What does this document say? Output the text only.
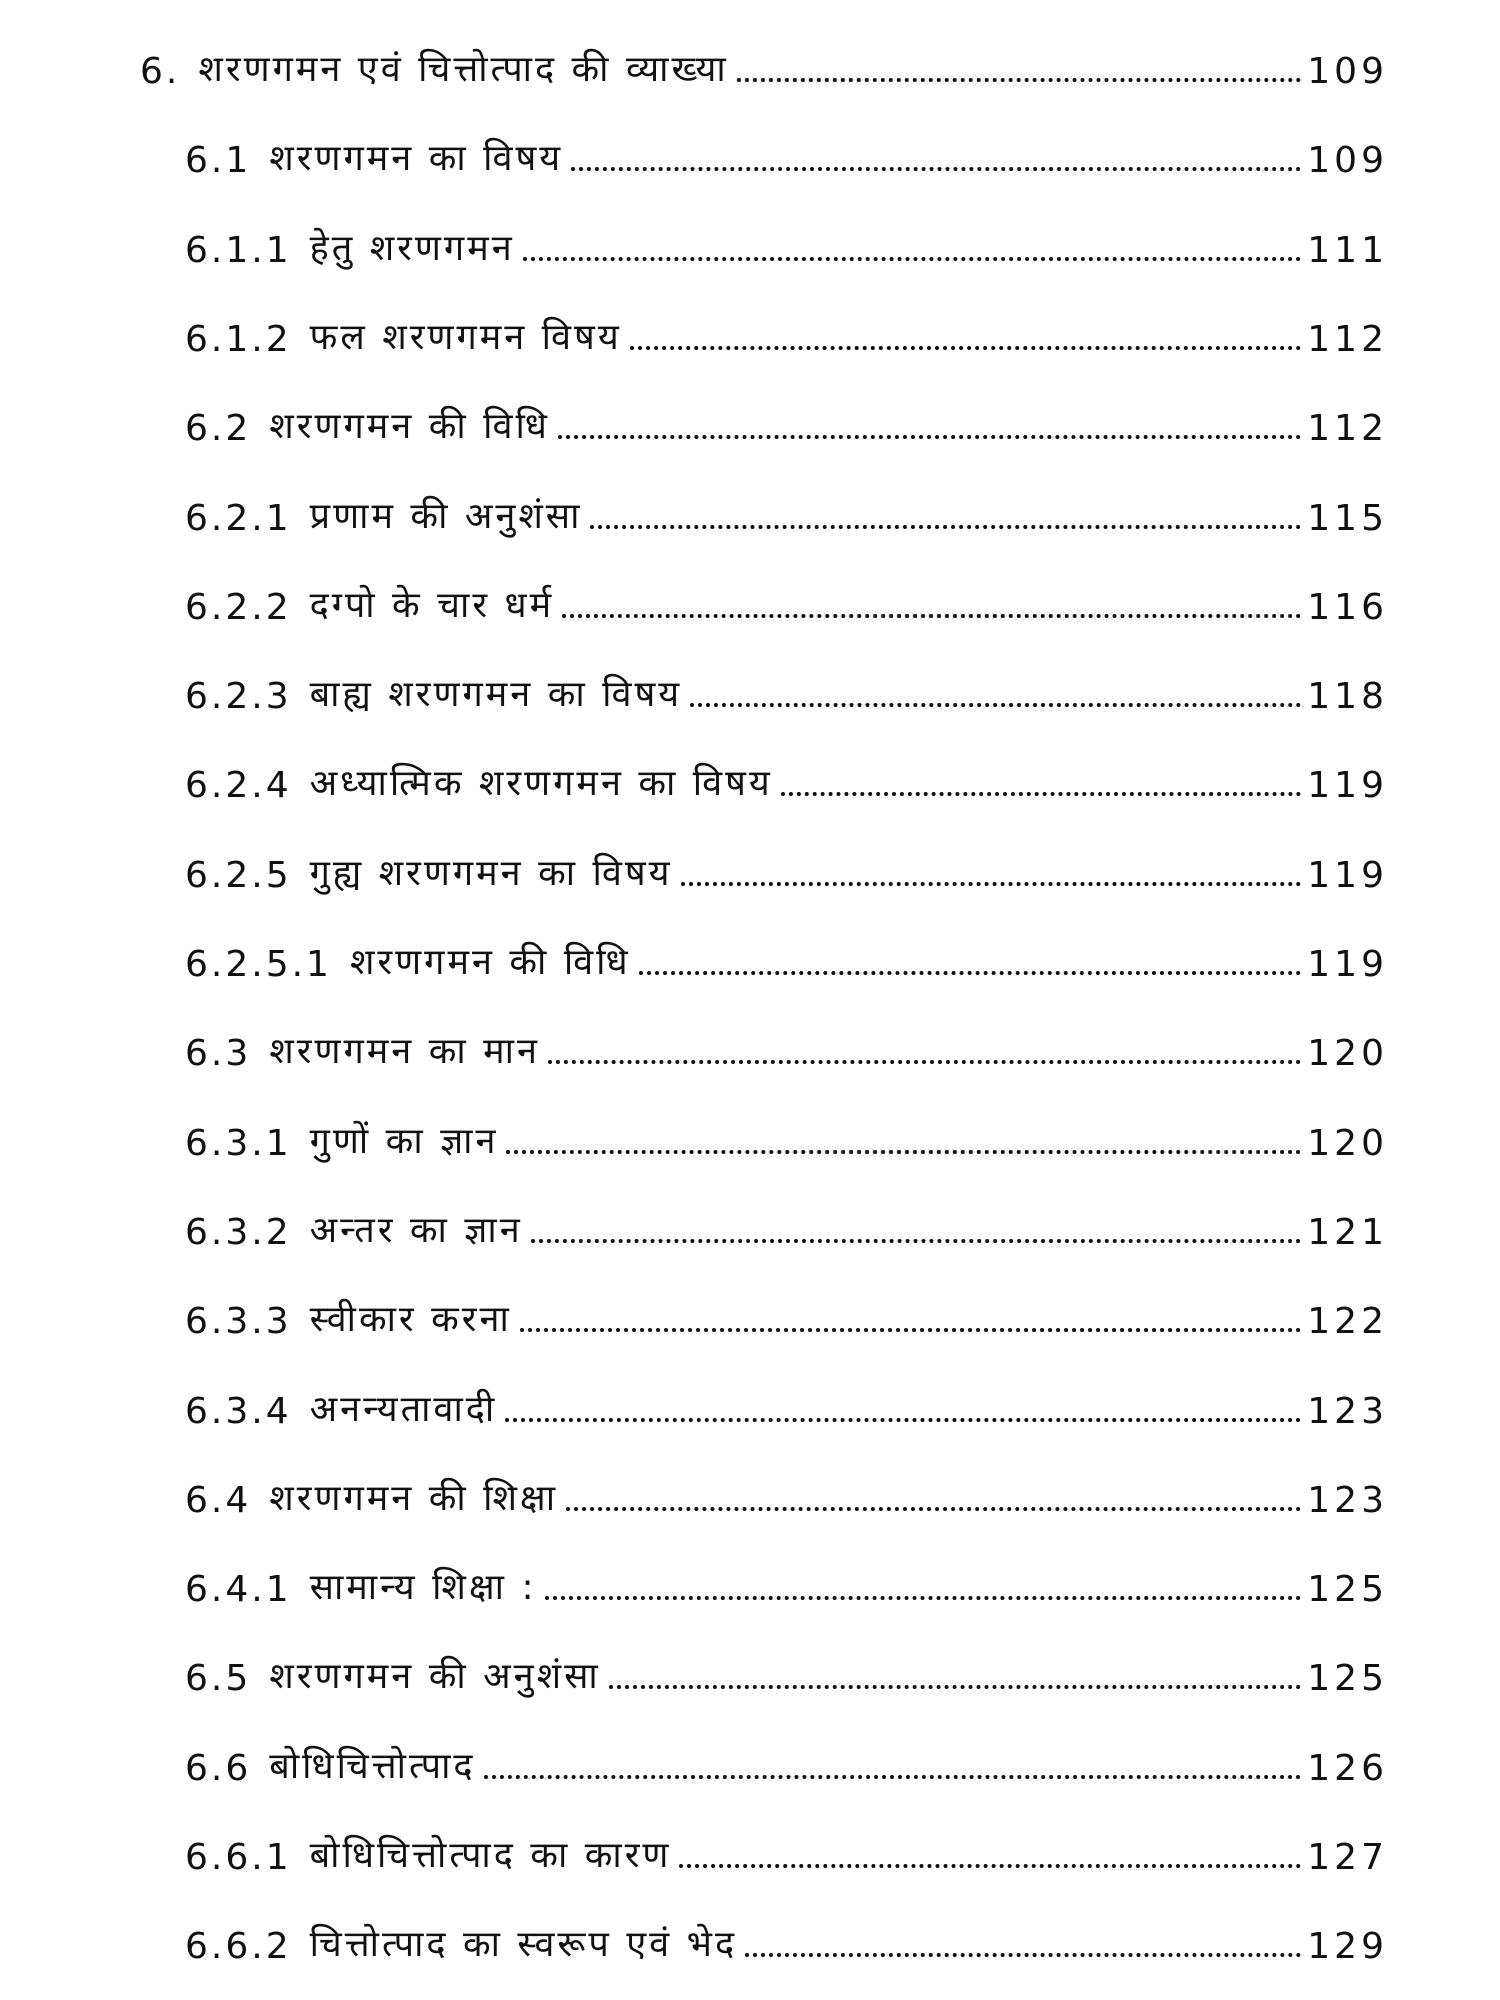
6. शरणगमन एवं चित्तोत्पाद की व्याख्या	109
6.1 शरणगमन का विषय	109
6.1.1 हेतु शरणगमन	111
6.1.2 फल शरणगमन विषय	112
6.2 शरणगमन की विधि	112
6.2.1 प्रणाम की अनुशंसा	115
6.2.2 दग्पो के चार धर्म	116
6.2.3 बाह्य शरणगमन का विषय	118
6.2.4 अध्यात्मिक शरणगमन का विषय	119
6.2.5 गुह्य शरणगमन का विषय	119
6.2.5.1 शरणगमन की विधि	119
6.3 शरणगमन का मान	120
6.3.1 गुणों का ज्ञान	120
6.3.2 अन्तर का ज्ञान	121
6.3.3 स्वीकार करना	122
6.3.4 अनन्यतावादी	123
6.4 शरणगमन की शिक्षा	123
6.4.1 सामान्य शिक्षा :	125
6.5 शरणगमन की अनुशंसा	125
6.6 बोधिचित्तोत्पाद	126
6.6.1 बोधिचित्तोत्पाद का कारण	127
6.6.2 चित्तोत्पाद का स्वरूप एवं भेद	129
